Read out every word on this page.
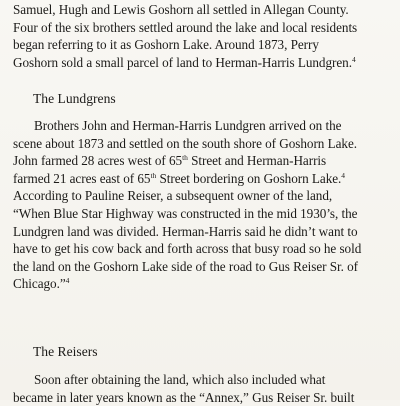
Samuel, Hugh and Lewis Goshorn all settled in Allegan County.
Four of the six brothers settled around the lake and local residents
began referring to it as Goshorn Lake. Around 1873, Perry
Goshorn sold a small parcel of land to Herman-Harris Lundgren.$^4$

The Lundgrens

Brothers John and Herman-Harris Lundgren arrived on the
scene about 1873 and settled on the south shore of Goshorn Lake.
John farmed 28 acres west of 65th Street and Herman-Harris
farmed 21 acres east of 65th Street bordering on Goshorn Lake.$^4$
According to Pauline Reiser, a subsequent owner of the land,
“When Blue Star Highway was constructed in the mid 1930’s, the
Lundgren land was divided. Herman-Harris said he didn’t want to
have to get his cow back and forth across that busy road so he sold
the land on the Goshorn Lake side of the road to Gus Reiser Sr. of
Chicago.”$^4$

The Reisers

Soon after obtaining the land, which also included what
became in later years known as the “Annex,” Gus Reiser Sr. built
